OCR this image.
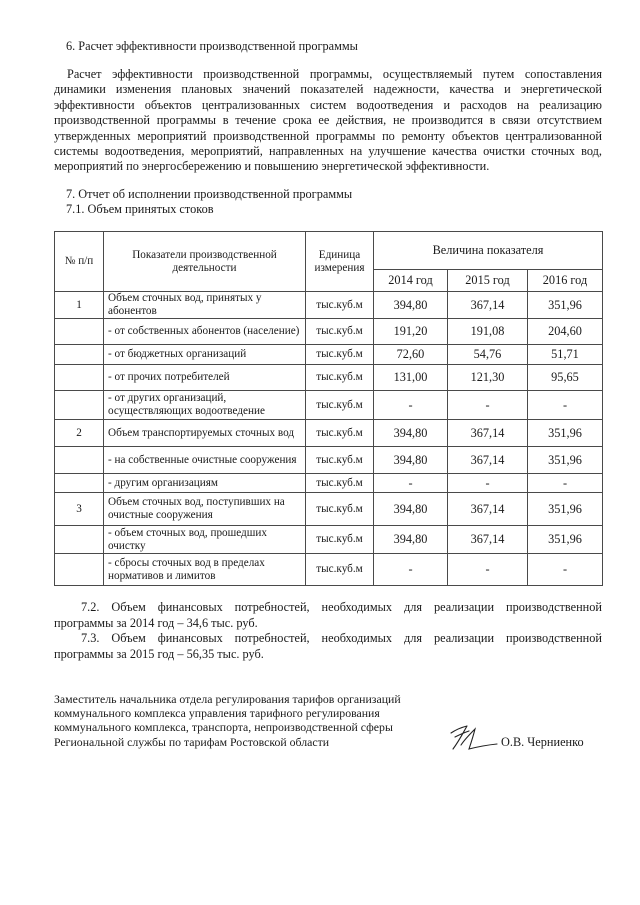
6. Расчет эффективности производственной программы
Расчет эффективности производственной программы, осуществляемый путем сопоставления динамики изменения плановых значений показателей надежности, качества и энергетической эффективности объектов централизованных систем водоотведения и расходов на реализацию производственной программы в течение срока ее действия, не производится в связи отсутствием утвержденных мероприятий производственной программы по ремонту объектов централизованной системы водоотведения, мероприятий, направленных на улучшение качества очистки сточных вод, мероприятий по энергосбережению и повышению энергетической эффективности.
7. Отчет об исполнении производственной программы
7.1. Объем принятых стоков
№ п/п	Показатели производственной деятельности	Единица измерения	Величина показателя		
			2014 год	2015 год	2016 год
1	Объем сточных вод, принятых у абонентов	тыс.куб.м	394,80	367,14	351,96
	- от собственных абонентов (население)	тыс.куб.м	191,20	191,08	204,60
	- от бюджетных организаций	тыс.куб.м	72,60	54,76	51,71
	- от прочих потребителей	тыс.куб.м	131,00	121,30	95,65
	- от других организаций, осуществляющих водоотведение	тыс.куб.м	-	-	-
2	Объем транспортируемых сточных вод	тыс.куб.м	394,80	367,14	351,96
	- на собственные очистные сооружения	тыс.куб.м	394,80	367,14	351,96
	- другим организациям	тыс.куб.м	-	-	-
3	Объем сточных вод, поступивших на очистные сооружения	тыс.куб.м	394,80	367,14	351,96
	- объем сточных вод, прошедших очистку	тыс.куб.м	394,80	367,14	351,96
	- сбросы сточных вод в пределах нормативов и лимитов	тыс.куб.м	-	-	-
7.2. Объем финансовых потребностей, необходимых для реализации производственной программы за 2014 год – 34,6 тыс. руб.
7.3. Объем финансовых потребностей, необходимых для реализации производственной программы за 2015 год – 56,35 тыс. руб.
Заместитель начальника отдела регулирования тарифов организаций
коммунального комплекса управления тарифного регулирования
коммунального комплекса, транспорта, непроизводственной сферы
Региональной службы по тарифам Ростовской области	О.В. Черниенко
